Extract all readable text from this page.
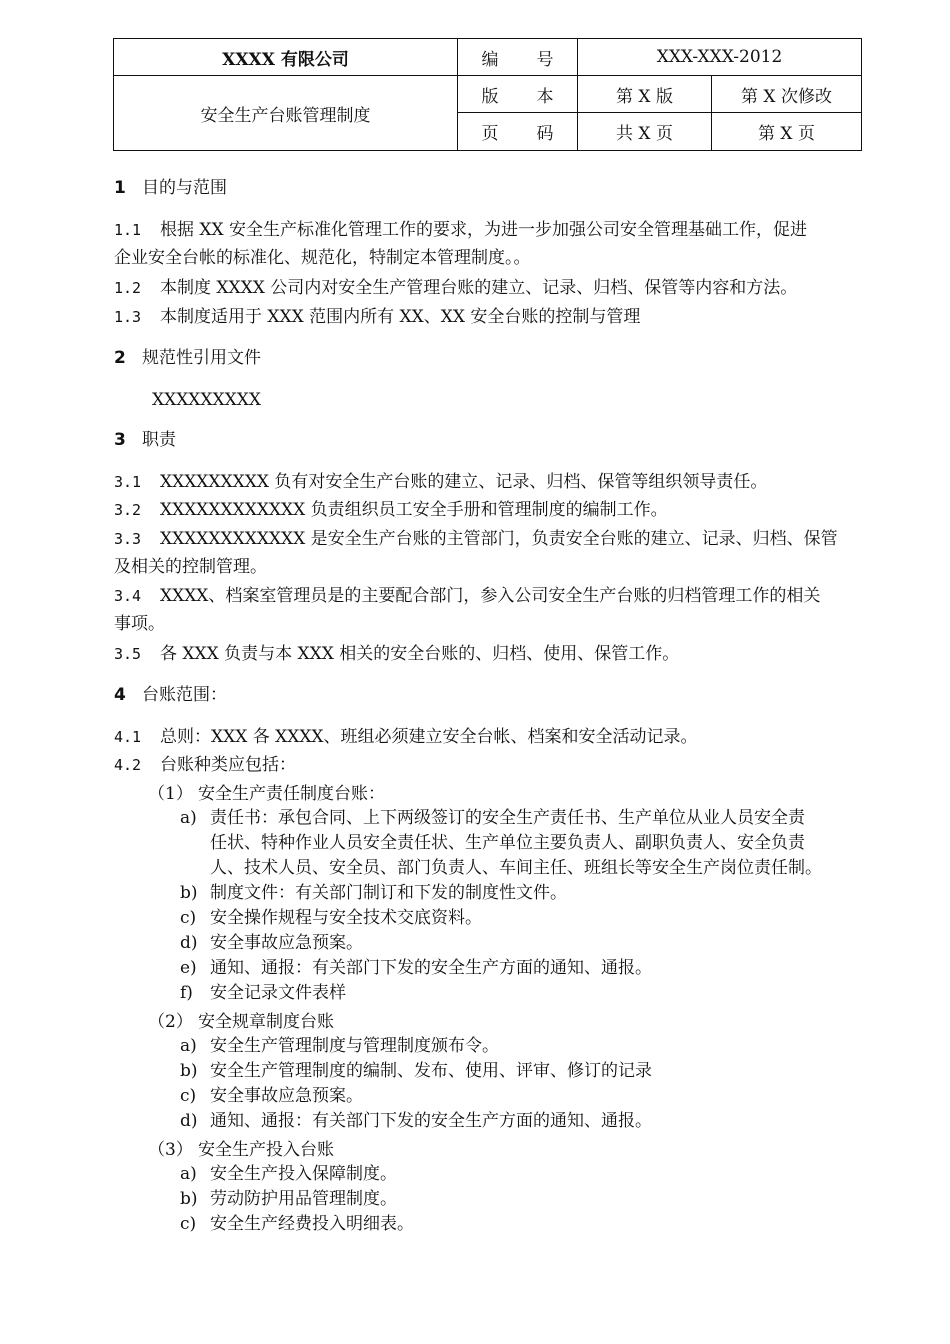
XXXX 有限公司	编 号	XXX-XXX-2012	
安全生产台账管理制度	版 本	第 X 版	第 X 次修改
	页 码	共 X 页	第 X 页
1 目的与范围
1.1 根据 XX 安全生产标准化管理工作的要求，为进一步加强公司安全管理基础工作，促进
企业安全台帐的标准化、规范化，特制定本管理制度。。
1.2 本制度 XXXX 公司内对安全生产管理台账的建立、记录、归档、保管等内容和方法。
1.3 本制度适用于 XXX 范围内所有 XX、XX 安全台账的控制与管理
2 规范性引用文件
XXXXXXXXX
3 职责
3.1 XXXXXXXXX 负有对安全生产台账的建立、记录、归档、保管等组织领导责任。
3.2 XXXXXXXXXXXX 负责组织员工安全手册和管理制度的编制工作。
3.3 XXXXXXXXXXXX 是安全生产台账的主管部门，负责安全台账的建立、记录、归档、保管
及相关的控制管理。
3.4 XXXX、档案室管理员是的主要配合部门，参入公司安全生产台账的归档管理工作的相关
事项。
3.5 各 XXX 负责与本 XXX 相关的安全台账的、归档、使用、保管工作。
4 台账范围：
4.1 总则：XXX 各 XXXX、班组必须建立安全台帐、档案和安全活动记录。
4.2 台账种类应包括：
（1） 安全生产责任制度台账：
a) 责任书：承包合同、上下两级签订的安全生产责任书、生产单位从业人员安全责
任状、特种作业人员安全责任状、生产单位主要负责人、副职负责人、安全负责
人、技术人员、安全员、部门负责人、车间主任、班组长等安全生产岗位责任制。
b) 制度文件：有关部门制订和下发的制度性文件。
c) 安全操作规程与安全技术交底资料。
d) 安全事故应急预案。
e) 通知、通报：有关部门下发的安全生产方面的通知、通报。
f) 安全记录文件表样
（2） 安全规章制度台账
a) 安全生产管理制度与管理制度颁布令。
b) 安全生产管理制度的编制、发布、使用、评审、修订的记录
c) 安全事故应急预案。
d) 通知、通报：有关部门下发的安全生产方面的通知、通报。
（3） 安全生产投入台账
a) 安全生产投入保障制度。
b) 劳动防护用品管理制度。
c) 安全生产经费投入明细表。
